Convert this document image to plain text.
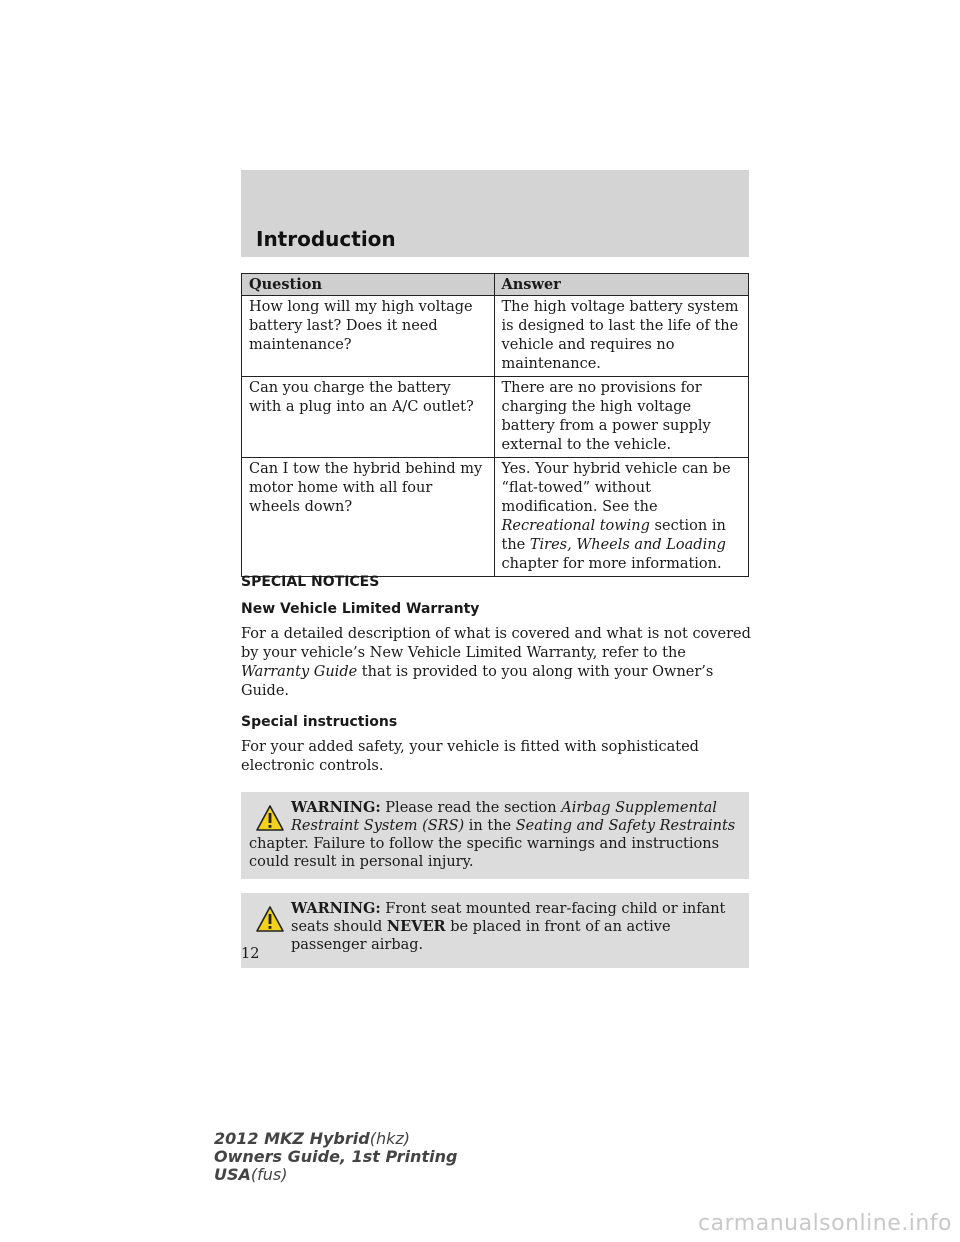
Introduction
Question	Answer
How long will my high voltage battery last? Does it need maintenance?	The high voltage battery system is designed to last the life of the vehicle and requires no maintenance.
Can you charge the battery with a plug into an A/C outlet?	There are no provisions for charging the high voltage battery from a power supply external to the vehicle.
Can I tow the hybrid behind my motor home with all four wheels down?	Yes. Your hybrid vehicle can be “flat-towed” without modification. See the Recreational towing section in the Tires, Wheels and Loading chapter for more information.

SPECIAL NOTICES

New Vehicle Limited Warranty

For a detailed description of what is covered and what is not covered by your vehicle’s New Vehicle Limited Warranty, refer to the Warranty Guide that is provided to you along with your Owner’s Guide.

Special instructions

For your added safety, your vehicle is fitted with sophisticated electronic controls.

WARNING: Please read the section Airbag Supplemental Restraint System (SRS) in the Seating and Safety Restraints
chapter. Failure to follow the specific warnings and instructions could result in personal injury.
WARNING: Front seat mounted rear-facing child or infant seats should NEVER be placed in front of an active passenger airbag.
12
2012 MKZ Hybrid(hkz)
Owners Guide, 1st Printing
USA(fus)
carmanualsonline.info
